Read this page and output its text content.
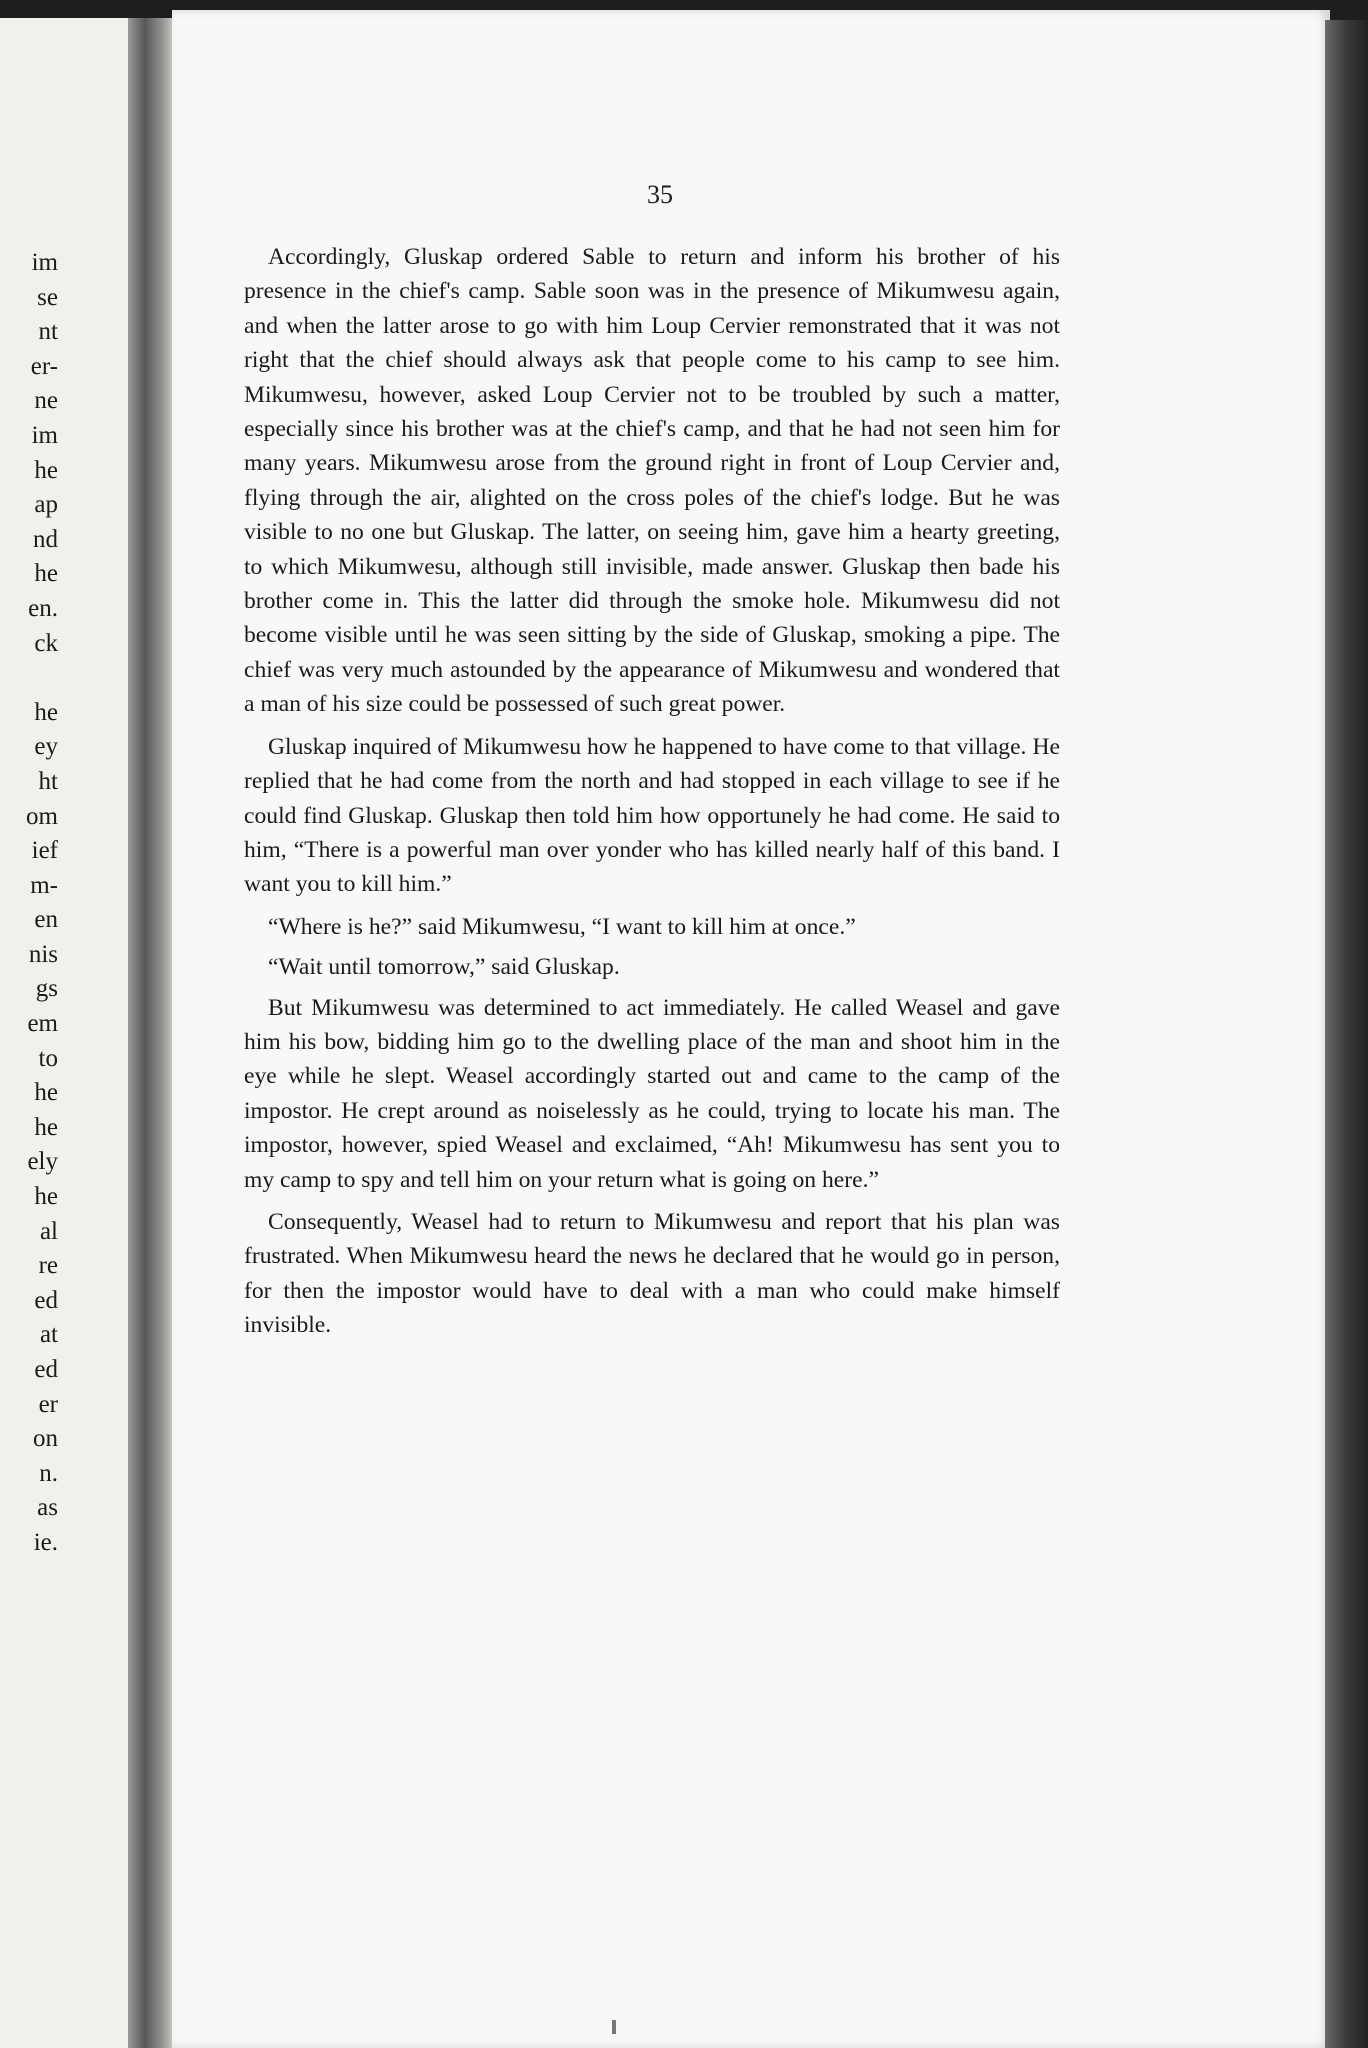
im
se
nt
er-
ne
im
he
ap
nd
he
en.
ck
he
ey
ht
om
ief
m-
en
nis
gs
em
to
he
he
ely
he
al
re
ed
at
ed
er
on
n.
as
ie.
35

Accordingly, Gluskap ordered Sable to return and inform his brother of his presence in the chief's camp. Sable soon was in the presence of Mikumwesu again, and when the latter arose to go with him Loup Cervier remonstrated that it was not right that the chief should always ask that people come to his camp to see him. Mikumwesu, however, asked Loup Cervier not to be troubled by such a matter, especially since his brother was at the chief's camp, and that he had not seen him for many years. Mikumwesu arose from the ground right in front of Loup Cervier and, flying through the air, alighted on the cross poles of the chief's lodge. But he was visible to no one but Gluskap. The latter, on seeing him, gave him a hearty greeting, to which Mikumwesu, although still invisible, made answer. Gluskap then bade his brother come in. This the latter did through the smoke hole. Mikumwesu did not become visible until he was seen sitting by the side of Gluskap, smoking a pipe. The chief was very much astounded by the appearance of Mikumwesu and wondered that a man of his size could be possessed of such great power.

Gluskap inquired of Mikumwesu how he happened to have come to that village. He replied that he had come from the north and had stopped in each village to see if he could find Gluskap. Gluskap then told him how opportunely he had come. He said to him, “There is a powerful man over yonder who has killed nearly half of this band. I want you to kill him.”

“Where is he?” said Mikumwesu, “I want to kill him at once.”

“Wait until tomorrow,” said Gluskap.

But Mikumwesu was determined to act immediately. He called Weasel and gave him his bow, bidding him go to the dwelling place of the man and shoot him in the eye while he slept. Weasel accordingly started out and came to the camp of the impostor. He crept around as noiselessly as he could, trying to locate his man. The impostor, however, spied Weasel and exclaimed, “Ah! Mikumwesu has sent you to my camp to spy and tell him on your return what is going on here.”

Consequently, Weasel had to return to Mikumwesu and report that his plan was frustrated. When Mikumwesu heard the news he declared that he would go in person, for then the impostor would have to deal with a man who could make himself invisible.
